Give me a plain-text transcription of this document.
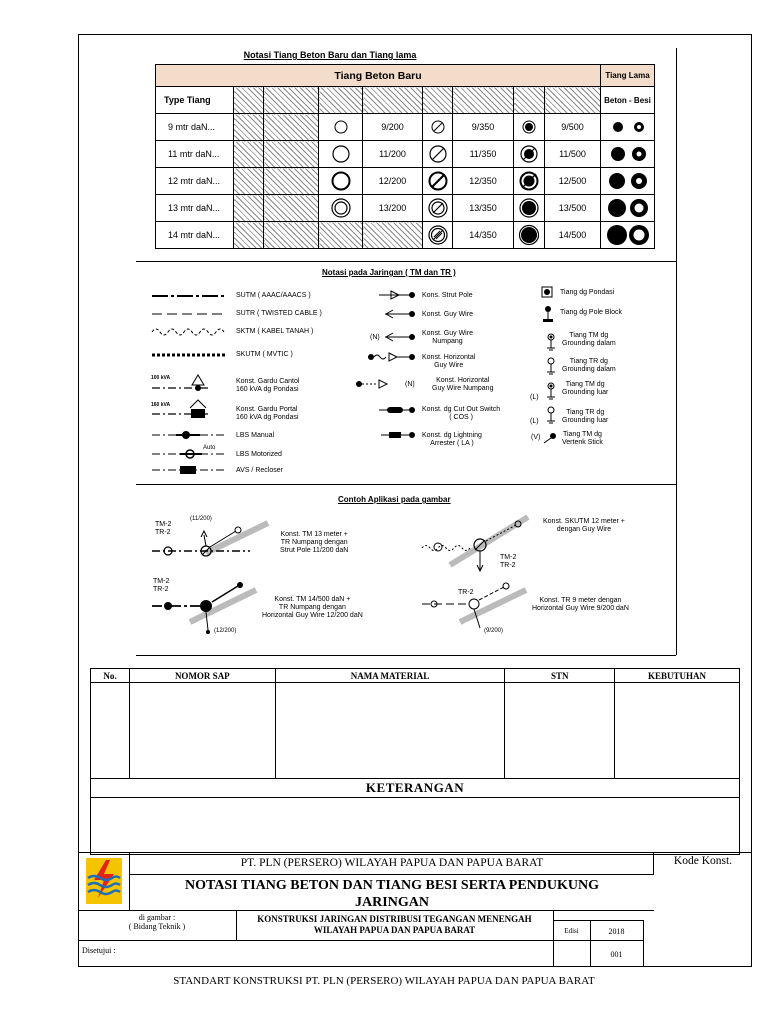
Notasi Tiang Beton Baru dan Tiang lama
Tiang Beton Baru									Tiang Lama
Type Tiang									Beton - Besi
9 mtr daN...				9/200		9/350		9/500	

11 mtr daN...				11/200		11/350		11/500	

12 mtr daN...				12/200		12/350		12/500	

13 mtr daN...				13/200		13/350		13/500	

14 mtr daN...						14/350		14/500	
Notasi pada Jaringan ( TM dan TR )
100 kVA
160 kVA
Auto
SUTM ( AAAC/AAACS )
SUTR ( TWISTED CABLE )
SKTM ( KABEL TANAH )
SKUTM ( MVTIC )
Konst. Gardu Cantol
160 kVA dg Pondasi
Konst. Gardu Portal
160 kVA dg Pondasi
LBS Manual
LBS Motorized
AVS / Recloser
(N)
(N)
Kons. Strut Pole
Konst. Guy Wire
Konst. Guy Wire
Numpang
Konst. Horizontal
Guy Wire
Konst. Horizontal
Guy Wire Numpang
Konst. dg Cut Out Switch
( COS )
Konst. dg Lightning
Arrester ( LA )
(L)
(L)
(V)
Tiang dg Pondasi
Tiang dg Pole Block
Tiang TM dg
Grounding dalam
Tiang TR dg
Grounding dalam
Tiang TM dg
Grounding luar
Tiang TR dg
Grounding luar
Tiang TM dg
Vertenk Stick
Contoh Aplikasi pada gambar
TM-2
TR-2
(11/200)
Konst. TM 13 meter +
TR Numpang dengan
Strut Pole 11/200 daN
Konst. SKUTM 12 meter +
dengan Guy Wire
TM-2
TR-2
TM-2
TR-2
(12/200)
Konst. TM 14/500 daN +
TR Numpang dengan
Horizontal Guy Wire 12/200 daN
TR-2
(9/200)
Konst. TR 9 meter dengan
Horizontal Guy Wire 9/200 daN
No.	NOMOR SAP	NAMA MATERIAL	STN	KEBUTUHAN

KETERANGAN				

PT. PLN (PERSERO) WILAYAH PAPUA DAN PAPUA BARAT	Kode Konst.
NOTASI TIANG BETON DAN TIANG BESI SERTA PENDUKUNG
JARINGAN
di gambar :
( Bidang Teknik )
KONSTRUKSI JARINGAN DISTRIBUSI TEGANGAN MENENGAH
WILAYAH PAPUA DAN PAPUA BARAT	Edisi	2018
001
Disetujui :
STANDART KONSTRUKSI PT. PLN (PERSERO) WILAYAH PAPUA DAN PAPUA BARAT
